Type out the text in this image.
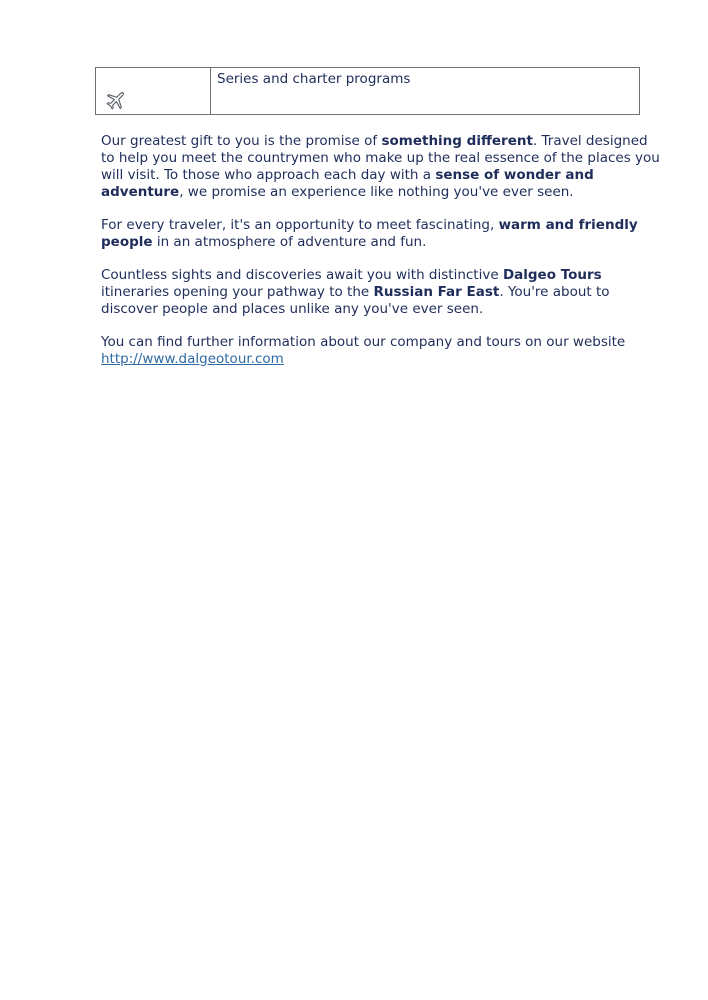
Series and charter programs

Our greatest gift to you is the promise of something different. Travel designed to help you meet the countrymen who make up the real essence of the places you will visit. To those who approach each day with a sense of wonder and adventure, we promise an experience like nothing you've ever seen.

For every traveler, it's an opportunity to meet fascinating, warm and friendly people in an atmosphere of adventure and fun.

Countless sights and discoveries await you with distinctive Dalgeo Tours itineraries opening your pathway to the Russian Far East. You're about to discover people and places unlike any you've ever seen.

You can find further information about our company and tours on our website http://www.dalgeotour.com
